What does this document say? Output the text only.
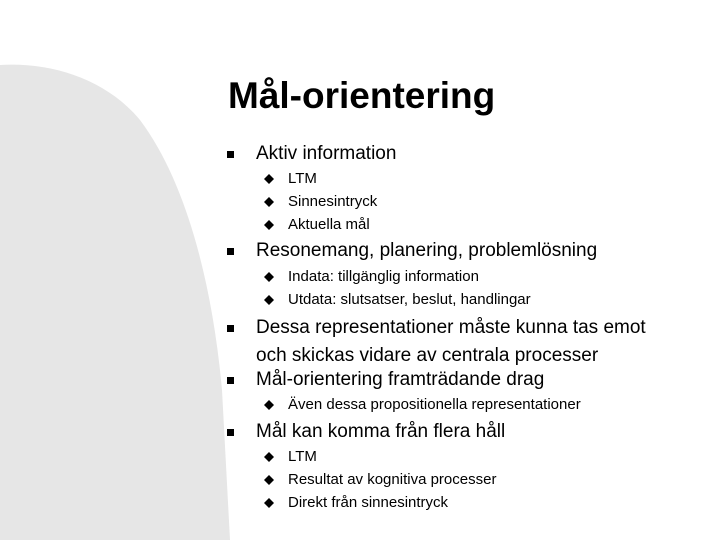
Mål-orientering
Aktiv information
LTM
Sinnesintryck
Aktuella mål
Resonemang, planering, problemlösning
Indata: tillgänglig information
Utdata: slutsatser, beslut, handlingar
Dessa representationer måste kunna tas emot
och skickas vidare av centrala processer
Mål-orientering framträdande drag
Även dessa propositionella representationer
Mål kan komma från flera håll
LTM
Resultat av kognitiva processer
Direkt från sinnesintryck
